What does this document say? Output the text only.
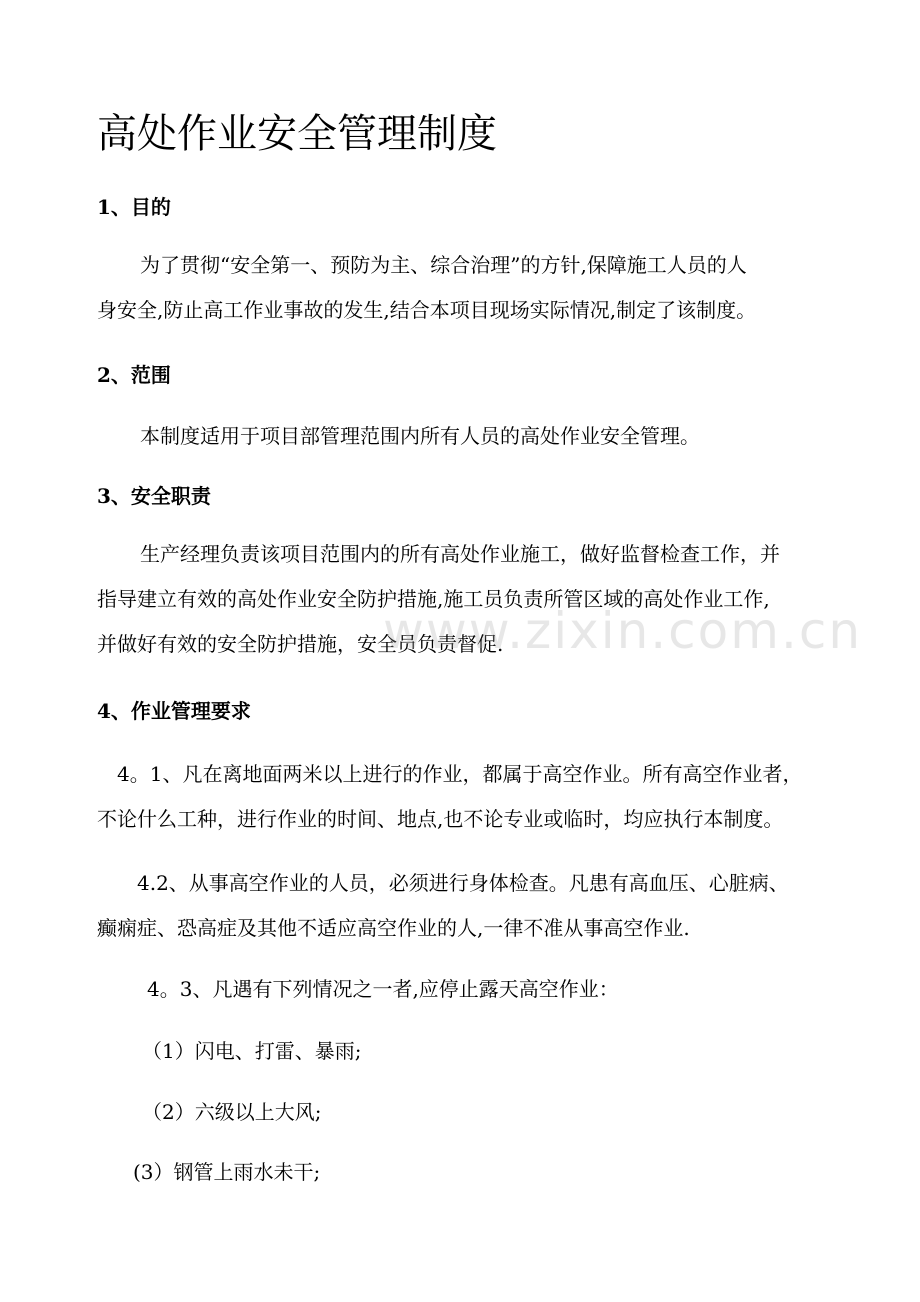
高处作业安全管理制度
1、目的
为了贯彻“安全第一、预防为主、综合治理”的方针,保障施工人员的人
身安全,防止高工作业事故的发生,结合本项目现场实际情况,制定了该制度。
2、范围
本制度适用于项目部管理范围内所有人员的高处作业安全管理。
3、安全职责
生产经理负责该项目范围内的所有高处作业施工，做好监督检查工作，并
指导建立有效的高处作业安全防护措施,施工员负责所管区域的高处作业工作,
并做好有效的安全防护措施，安全员负责督促.
4、作业管理要求
4。1、凡在离地面两米以上进行的作业，都属于高空作业。所有高空作业者，
不论什么工种，进行作业的时间、地点,也不论专业或临时，均应执行本制度。
4.2、从事高空作业的人员，必须进行身体检查。凡患有高血压、心脏病、
癫痫症、恐高症及其他不适应高空作业的人,一律不准从事高空作业.
4。3、凡遇有下列情况之一者,应停止露天高空作业：
（1）闪电、打雷、暴雨;
（2）六级以上大风;
(3）钢管上雨水未干;
www.zixin.com.cn
